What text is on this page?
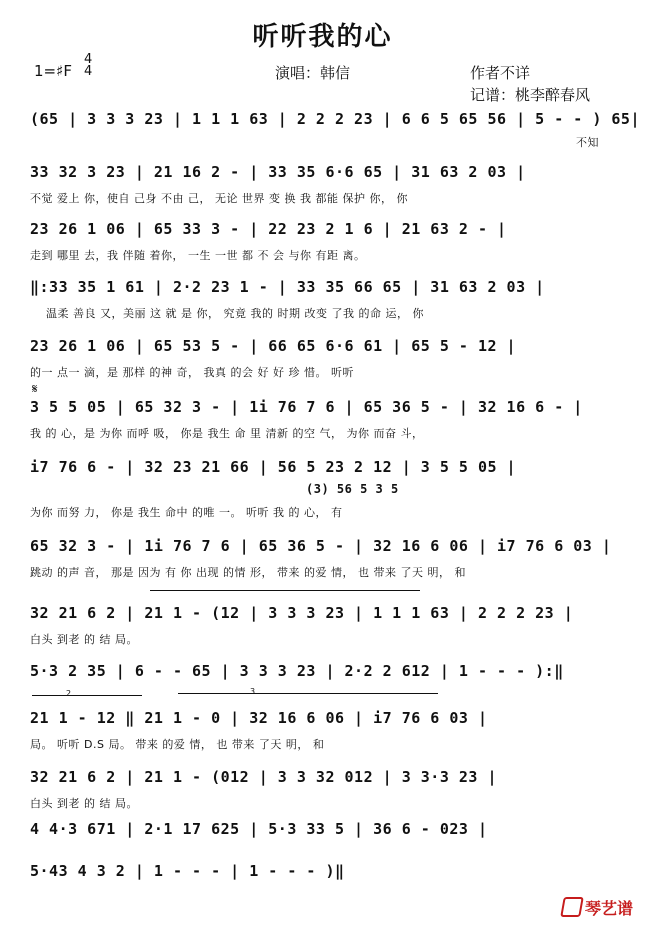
听听我的心
1=♯F
4
4	演唱：韩信	作者不详
记谱：桃李醉春风
(65 | 3 3 3 23 | 1 1 1 63 | 2 2 2 23 | 6 6 5 65 56 | 5 - - ) 65|
不知
33 32 3 23 | 21 16 2 - | 33 35 6·6 65 | 31 63 2 03 |
不觉 爱上 你，使自 己身 不由 己， 无论 世界 变 换 我 都能 保护 你， 你
23 26 1 06 | 65 33 3 - | 22 23 2 1 6 | 21 63 2 - |
走到 哪里 去，我 伴随 着你， 一生 一世 都 不 会 与你 有距 离。
‖:33 35 1 61 | 2·2 23 1 - | 33 35 66 65 | 31 63 2 03 |
温柔 善良 又，美丽 这 就 是 你， 究竟 我的 时期 改变 了我 的命 运， 你
23 26 1 06 | 65 53 5 - | 66 65 6·6 61 | 65 5 - 12 |
的一 点一 滴，是 那样 的神 奇， 我真 的会 好 好 珍 惜。 听听
𝄋
3 5 5 05 | 65 32 3 - | 1i 76 7 6 | 65 36 5 - | 32 16 6 - |
我 的 心，是 为你 而呼 吸， 你是 我生 命 里 清新 的空 气， 为你 而奋 斗，
i7 76 6 - | 32 23 21 66 | 56 5 23 2 12 | 3 5 5 05 |
(3) 56 5 3 5
为你 而努 力， 你是 我生 命中 的唯 一。 听听 我 的 心， 有
65 32 3 - | 1i 76 7 6 | 65 36 5 - | 32 16 6 06 | i7 76 6 03 |
跳动 的声 音， 那是 因为 有 你 出现 的情 形， 带来 的爱 情， 也 带来 了天 明， 和
32 21 6 2 | 21 1 - (12 | 3 3 3 23 | 1 1 1 63 | 2 2 2 23 |
白头 到老 的 结 局。
5·3 2 35 | 6 - - 65 | 3 3 3 23 | 2·2 2 612 | 1 - - - ):‖
2	3
21 1 - 12 ‖ 21 1 - 0 | 32 16 6 06 | i7 76 6 03 |
局。 听听 D.S 局。 带来 的爱 情， 也 带来 了天 明， 和
32 21 6 2 | 21 1 - (012 | 3 3 32 012 | 3 3·3 23 |
白头 到老 的 结 局。
4 4·3 671 | 2·1 17 625 | 5·3 33 5 | 36 6 - 023 |
5·43 4 3 2 | 1 - - - | 1 - - - )‖
琴艺谱
